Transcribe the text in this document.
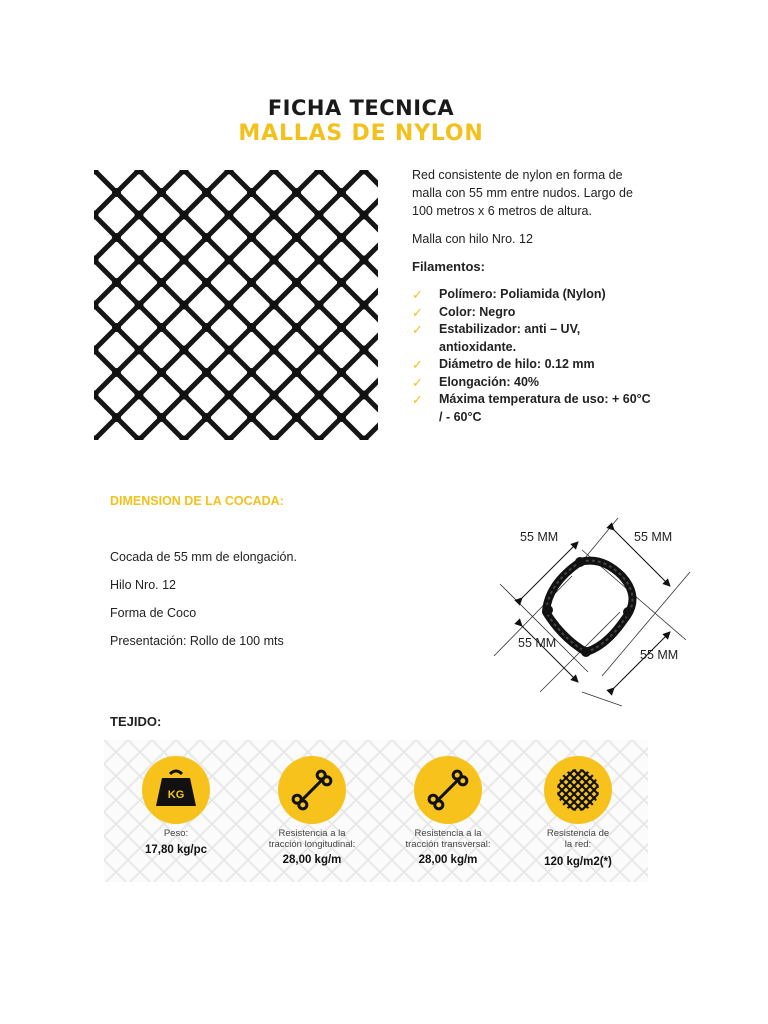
FICHA TECNICA
MALLAS DE NYLON

Red consistente de nylon en forma de malla con 55 mm entre nudos. Largo de 100 metros x 6 metros de altura.

Malla con hilo Nro. 12

Filamentos:

✓ Polímero: Poliamida (Nylon)
✓ Color: Negro
✓ Estabilizador: anti – UV, antioxidante.
✓ Diámetro de hilo: 0.12 mm
✓ Elongación: 40%
✓ Máxima temperatura de uso: + 60°C / - 60°C
DIMENSION DE LA COCADA:
Cocada de 55 mm de elongación.
Hilo Nro. 12
Forma de Coco
Presentación: Rollo de 100 mts
55 MM	55 MM
55 MM
55 MM
TEJIDO:
KG
Peso:
17,80 kg/pc
Resistencia a la
tracción longitudinal:
28,00 kg/m
Resistencia a la
tracción transversal:
28,00 kg/m
Resistencia de
la red:
120 kg/m2(*)
